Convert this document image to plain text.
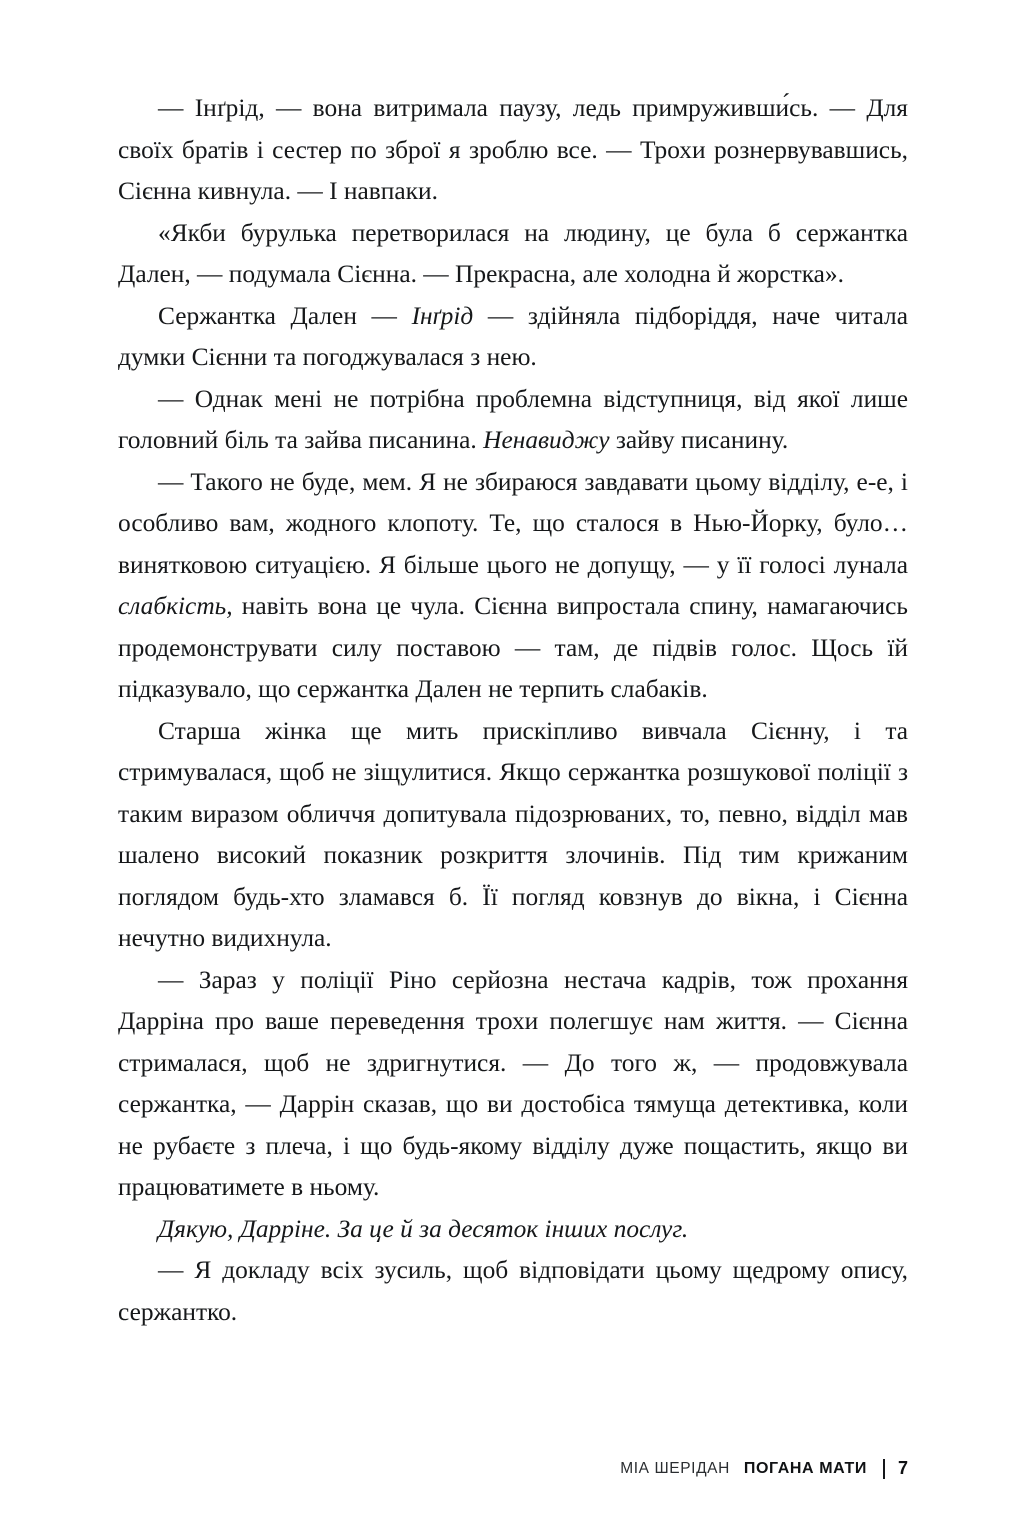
— Інґрід, — вона витримала паузу, ледь примруживши́сь. — Для своїх братів і сестер по зброї я зроблю все. — Трохи рознервувавшись, Сієнна кивнула. — І навпаки.

«Якби бурулька перетворилася на людину, це була б сержантка Далeн, — подумала Сієнна. — Прекрасна, але холодна й жорстка».

Сержантка Далeн — Інґрід — здійняла підборіддя, наче читала думки Сієнни та погоджувалася з нею.

— Однак мені не потрібна проблемна відступниця, від якої лише головний біль та зайва писанина. Ненавиджу зайву писанину.

— Такого не буде, мем. Я не збираюся завдавати цьому відділу, е-е, і особливо вам, жодного клопоту. Те, що сталося в Нью-Йорку, було… винятковою ситуацією. Я більше цього не допущу, — у її голосі лунала слабкість, навіть вона це чула. Сієнна випростала спину, намагаючись продемонструвати силу поставою — там, де підвів голос. Щось їй підказувало, що сержантка Далeн не терпить слабаків.

Старша жінка ще мить прискіпливо вивчала Сієнну, і та стримувалася, щоб не зіщулитися. Якщо сержантка розшукової поліції з таким виразом обличчя допитувала підозрюваних, то, певно, відділ мав шалено високий показник розкриття злочинів. Під тим крижаним поглядом будь-хто зламався б. Її погляд ковзнув до вікна, і Сієнна нечутно видихнула.

— Зараз у поліції Ріно серйозна нестача кадрів, тож прохання Дарріна про ваше переведення трохи полегшує нам життя. — Сієнна стрималася, щоб не здригнутися. — До того ж, — продовжувала сержантка, — Даррін сказав, що ви достобіса тямуща детективка, коли не рубаєте з плеча, і що будь-якому відділу дуже пощастить, якщо ви працюватимете в ньому.

Дякую, Дарріне. За це й за десяток інших послуг.

— Я докладу всіх зусиль, щоб відповідати цьому щедрому опису, сержантко.

МІА ШЕРІДАН ПОГАНА МАТИ 7
